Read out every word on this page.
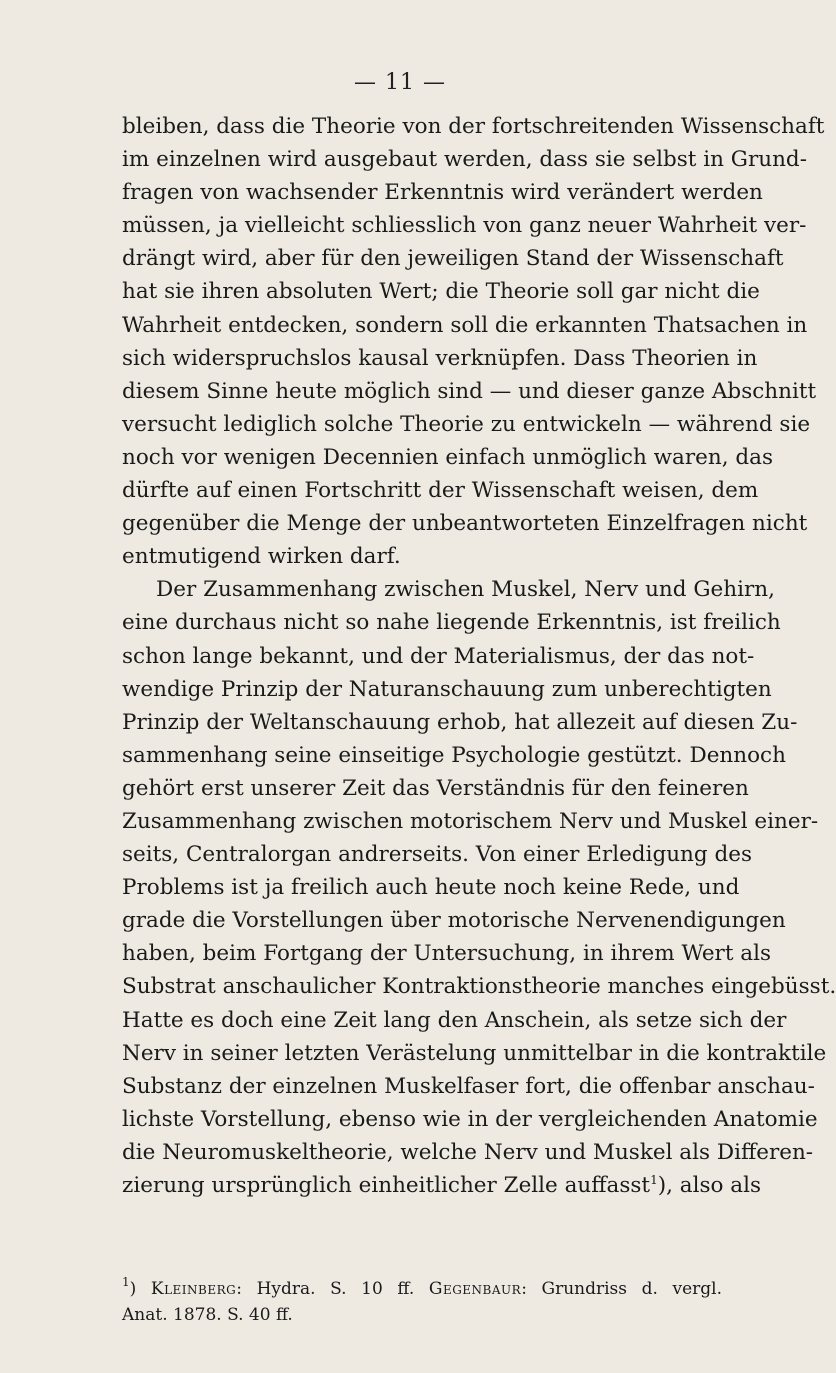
— 11 —
bleiben, dass die Theorie von der fortschreitenden Wissenschaft
im einzelnen wird ausgebaut werden, dass sie selbst in Grund-
fragen von wachsender Erkenntnis wird verändert werden
müssen, ja vielleicht schliesslich von ganz neuer Wahrheit ver-
drängt wird, aber für den jeweiligen Stand der Wissenschaft
hat sie ihren absoluten Wert; die Theorie soll gar nicht die
Wahrheit entdecken, sondern soll die erkannten Thatsachen in
sich widerspruchslos kausal verknüpfen. Dass Theorien in
diesem Sinne heute möglich sind — und dieser ganze Abschnitt
versucht lediglich solche Theorie zu entwickeln — während sie
noch vor wenigen Decennien einfach unmöglich waren, das
dürfte auf einen Fortschritt der Wissenschaft weisen, dem
gegenüber die Menge der unbeantworteten Einzelfragen nicht
entmutigend wirken darf.
Der Zusammenhang zwischen Muskel, Nerv und Gehirn,
eine durchaus nicht so nahe liegende Erkenntnis, ist freilich
schon lange bekannt, und der Materialismus, der das not-
wendige Prinzip der Naturanschauung zum unberechtigten
Prinzip der Weltanschauung erhob, hat allezeit auf diesen Zu-
sammenhang seine einseitige Psychologie gestützt. Dennoch
gehört erst unserer Zeit das Verständnis für den feineren
Zusammenhang zwischen motorischem Nerv und Muskel einer-
seits, Centralorgan andrerseits. Von einer Erledigung des
Problems ist ja freilich auch heute noch keine Rede, und
grade die Vorstellungen über motorische Nervenendigungen
haben, beim Fortgang der Untersuchung, in ihrem Wert als
Substrat anschaulicher Kontraktionstheorie manches eingebüsst.
Hatte es doch eine Zeit lang den Anschein, als setze sich der
Nerv in seiner letzten Verästelung unmittelbar in die kontraktile
Substanz der einzelnen Muskelfaser fort, die offenbar anschau-
lichste Vorstellung, ebenso wie in der vergleichenden Anatomie
die Neuromuskeltheorie, welche Nerv und Muskel als Differen-
zierung ursprünglich einheitlicher Zelle auffasst$^1$), also als
$^1$) Kleinberg: Hydra. S. 10 ff. Gegenbaur: Grundriss d. vergl.
Anat. 1878. S. 40 ff.
